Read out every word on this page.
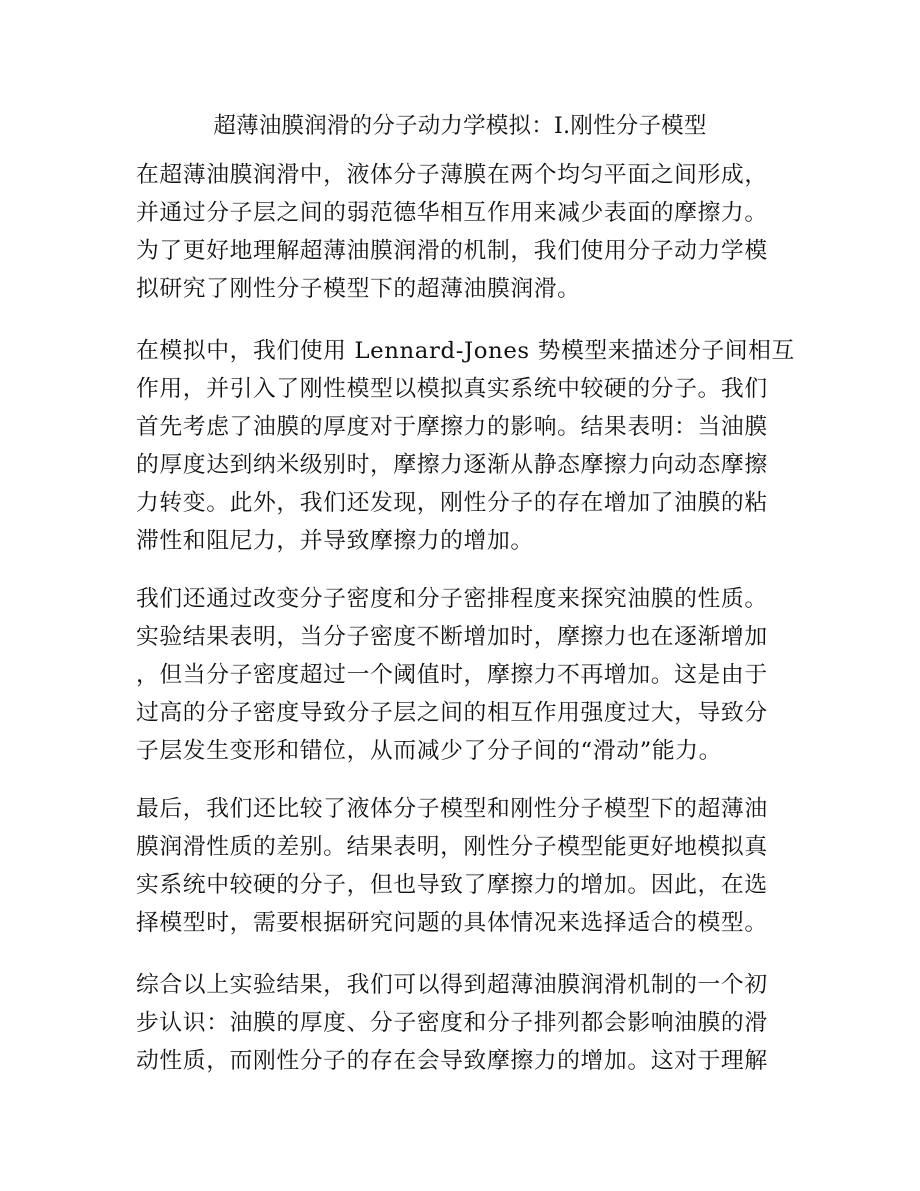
超薄油膜润滑的分子动力学模拟：I.刚性分子模型
在超薄油膜润滑中，液体分子薄膜在两个均匀平面之间形成，
并通过分子层之间的弱范德华相互作用来减少表面的摩擦力。
为了更好地理解超薄油膜润滑的机制，我们使用分子动力学模
拟研究了刚性分子模型下的超薄油膜润滑。
在模拟中，我们使用 Lennard-Jones 势模型来描述分子间相互
作用，并引入了刚性模型以模拟真实系统中较硬的分子。我们
首先考虑了油膜的厚度对于摩擦力的影响。结果表明：当油膜
的厚度达到纳米级别时，摩擦力逐渐从静态摩擦力向动态摩擦
力转变。此外，我们还发现，刚性分子的存在增加了油膜的粘
滞性和阻尼力，并导致摩擦力的增加。
我们还通过改变分子密度和分子密排程度来探究油膜的性质。
实验结果表明，当分子密度不断增加时，摩擦力也在逐渐增加
，但当分子密度超过一个阈值时，摩擦力不再增加。这是由于
过高的分子密度导致分子层之间的相互作用强度过大，导致分
子层发生变形和错位，从而减少了分子间的“滑动”能力。
最后，我们还比较了液体分子模型和刚性分子模型下的超薄油
膜润滑性质的差别。结果表明，刚性分子模型能更好地模拟真
实系统中较硬的分子，但也导致了摩擦力的增加。因此，在选
择模型时，需要根据研究问题的具体情况来选择适合的模型。
综合以上实验结果，我们可以得到超薄油膜润滑机制的一个初
步认识：油膜的厚度、分子密度和分子排列都会影响油膜的滑
动性质，而刚性分子的存在会导致摩擦力的增加。这对于理解
